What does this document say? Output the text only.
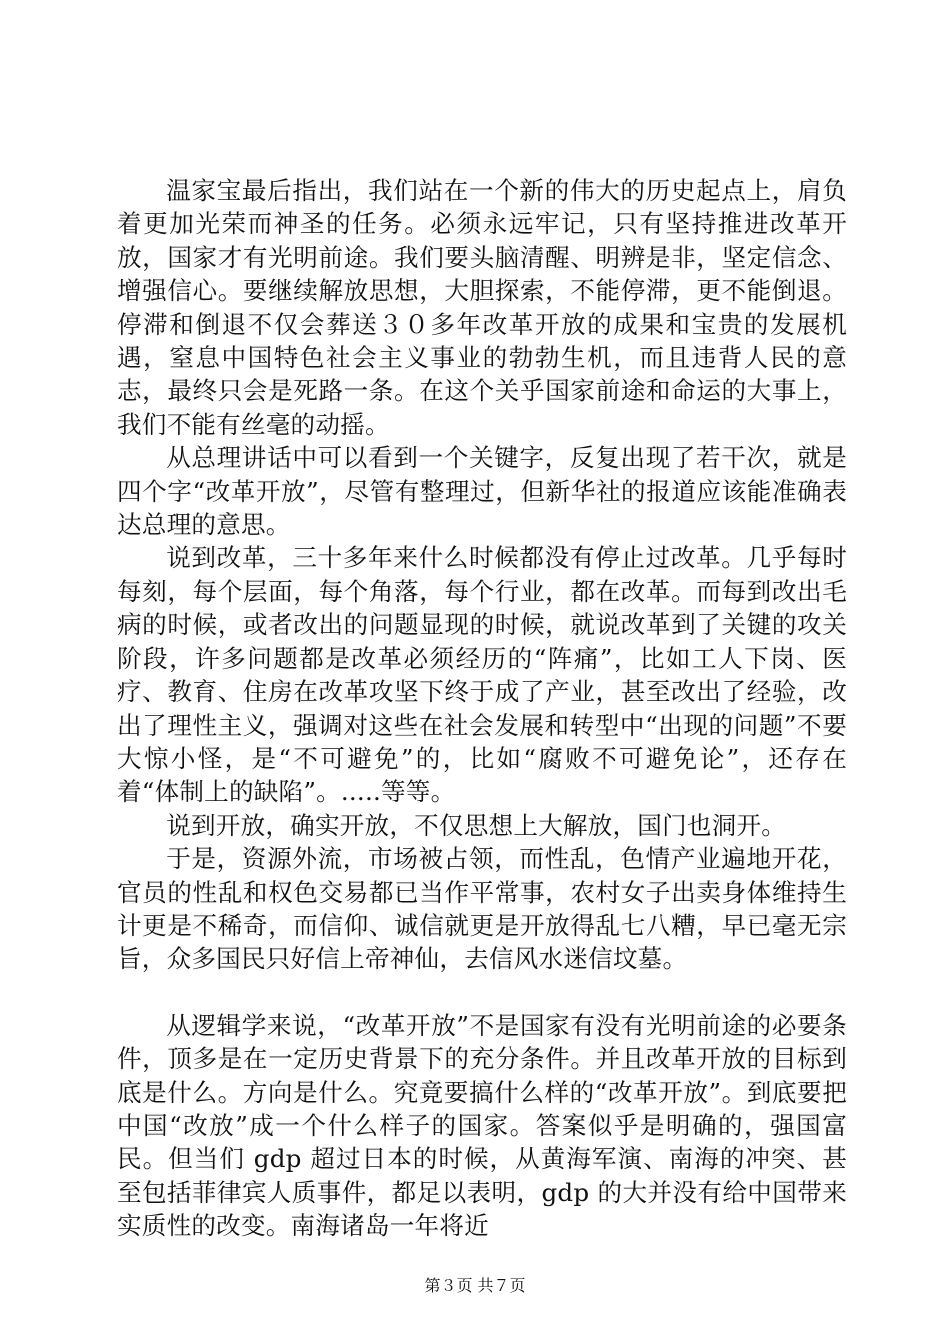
温家宝最后指出，我们站在一个新的伟大的历史起点上，肩负着更加光荣而神圣的任务。必须永远牢记，只有坚持推进改革开放，国家才有光明前途。我们要头脑清醒、明辨是非，坚定信念、增强信心。要继续解放思想，大胆探索，不能停滞，更不能倒退。停滞和倒退不仅会葬送３０多年改革开放的成果和宝贵的发展机遇，窒息中国特色社会主义事业的勃勃生机，而且违背人民的意志，最终只会是死路一条。在这个关乎国家前途和命运的大事上，我们不能有丝毫的动摇。

从总理讲话中可以看到一个关键字，反复出现了若干次，就是四个字“改革开放”，尽管有整理过，但新华社的报道应该能准确表达总理的意思。

说到改革，三十多年来什么时候都没有停止过改革。几乎每时每刻，每个层面，每个角落，每个行业，都在改革。而每到改出毛病的时候，或者改出的问题显现的时候，就说改革到了关键的攻关阶段，许多问题都是改革必须经历的“阵痛”，比如工人下岗、医疗、教育、住房在改革攻坚下终于成了产业，甚至改出了经验，改出了理性主义，强调对这些在社会发展和转型中“出现的问题”不要大惊小怪，是“不可避免”的，比如“腐败不可避免论”，还存在着“体制上的缺陷”。.....等等。

说到开放，确实开放，不仅思想上大解放，国门也洞开。

于是，资源外流，市场被占领，而性乱，色情产业遍地开花，官员的性乱和权色交易都已当作平常事，农村女子出卖身体维持生计更是不稀奇，而信仰、诚信就更是开放得乱七八糟，早已毫无宗旨，众多国民只好信上帝神仙，去信风水迷信坟墓。

从逻辑学来说，“改革开放”不是国家有没有光明前途的必要条件，顶多是在一定历史背景下的充分条件。并且改革开放的目标到底是什么。方向是什么。究竟要搞什么样的“改革开放”。到底要把中国“改放”成一个什么样子的国家。答案似乎是明确的，强国富民。但当们 gdp 超过日本的时候，从黄海军演、南海的冲突、甚至包括菲律宾人质事件，都足以表明，gdp 的大并没有给中国带来实质性的改变。南海诸岛一年将近

第３页 共７页
